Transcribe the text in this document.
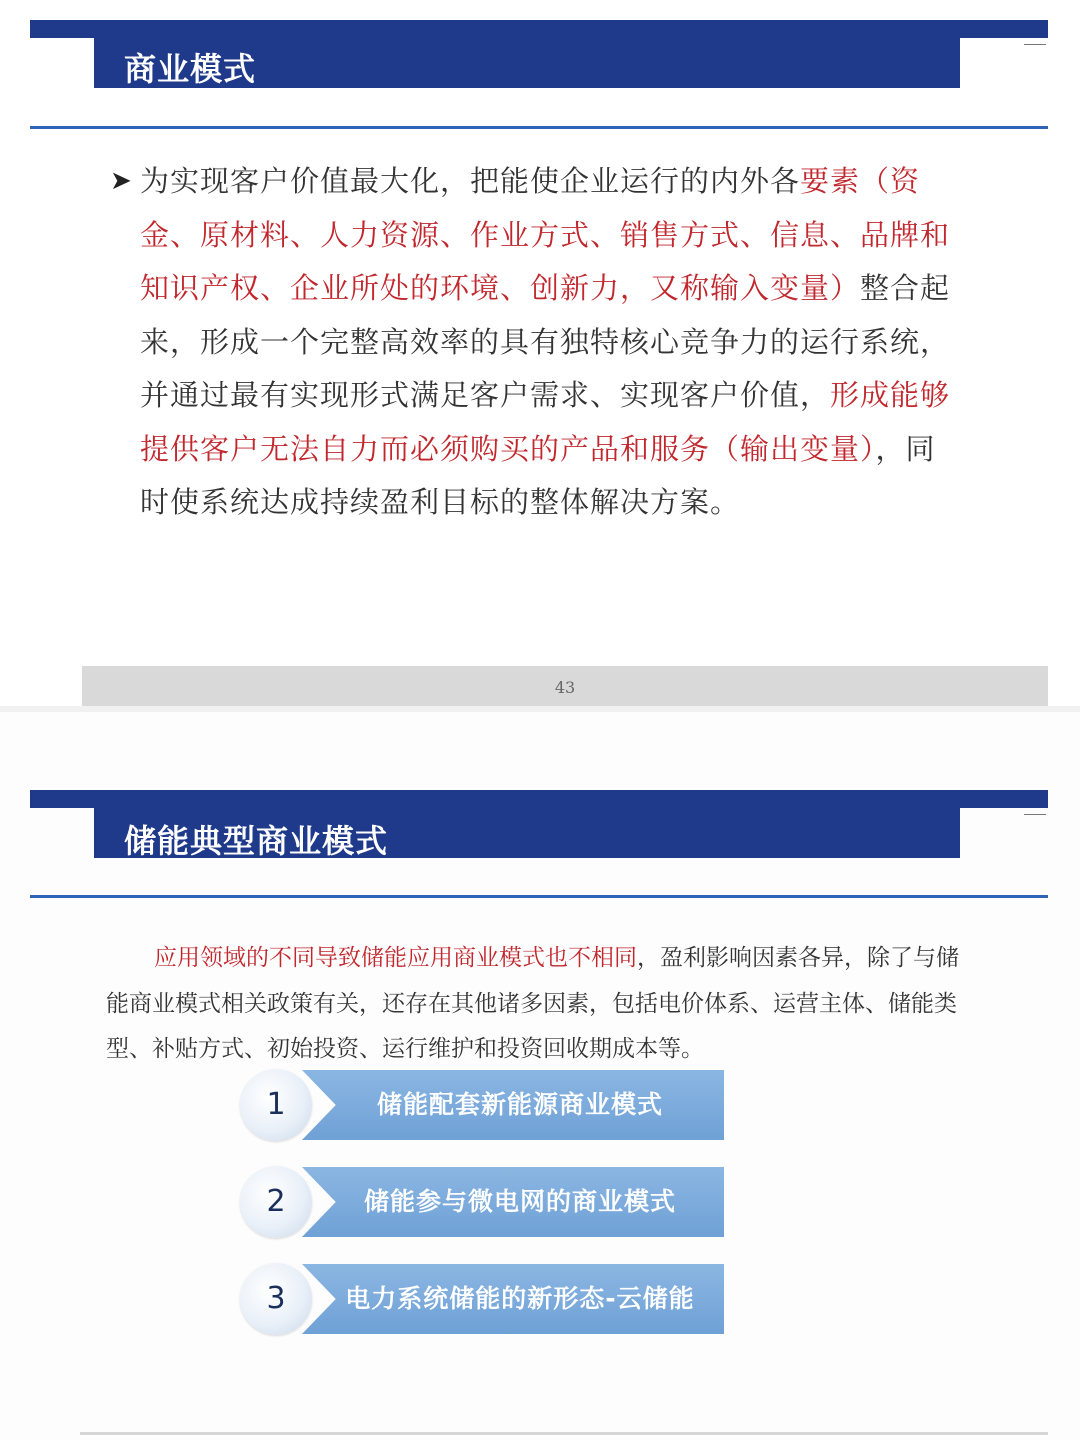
商业模式
➤ 为实现客户价值最大化，把能使企业运行的内外各要素（资金、原材料、人力资源、作业方式、销售方式、信息、品牌和知识产权、企业所处的环境、创新力，又称输入变量）整合起来，形成一个完整高效率的具有独特核心竞争力的运行系统，并通过最有实现形式满足客户需求、实现客户价值，形成能够提供客户无法自力而必须购买的产品和服务（输出变量），同时使系统达成持续盈利目标的整体解决方案。
43
储能典型商业模式
应用领域的不同导致储能应用商业模式也不相同，盈利影响因素各异，除了与储能商业模式相关政策有关，还存在其他诸多因素，包括电价体系、运营主体、储能类型、补贴方式、初始投资、运行维护和投资回收期成本等。
储能配套新能源商业模式
1
储能参与微电网的商业模式
2
电力系统储能的新形态-云储能
3
